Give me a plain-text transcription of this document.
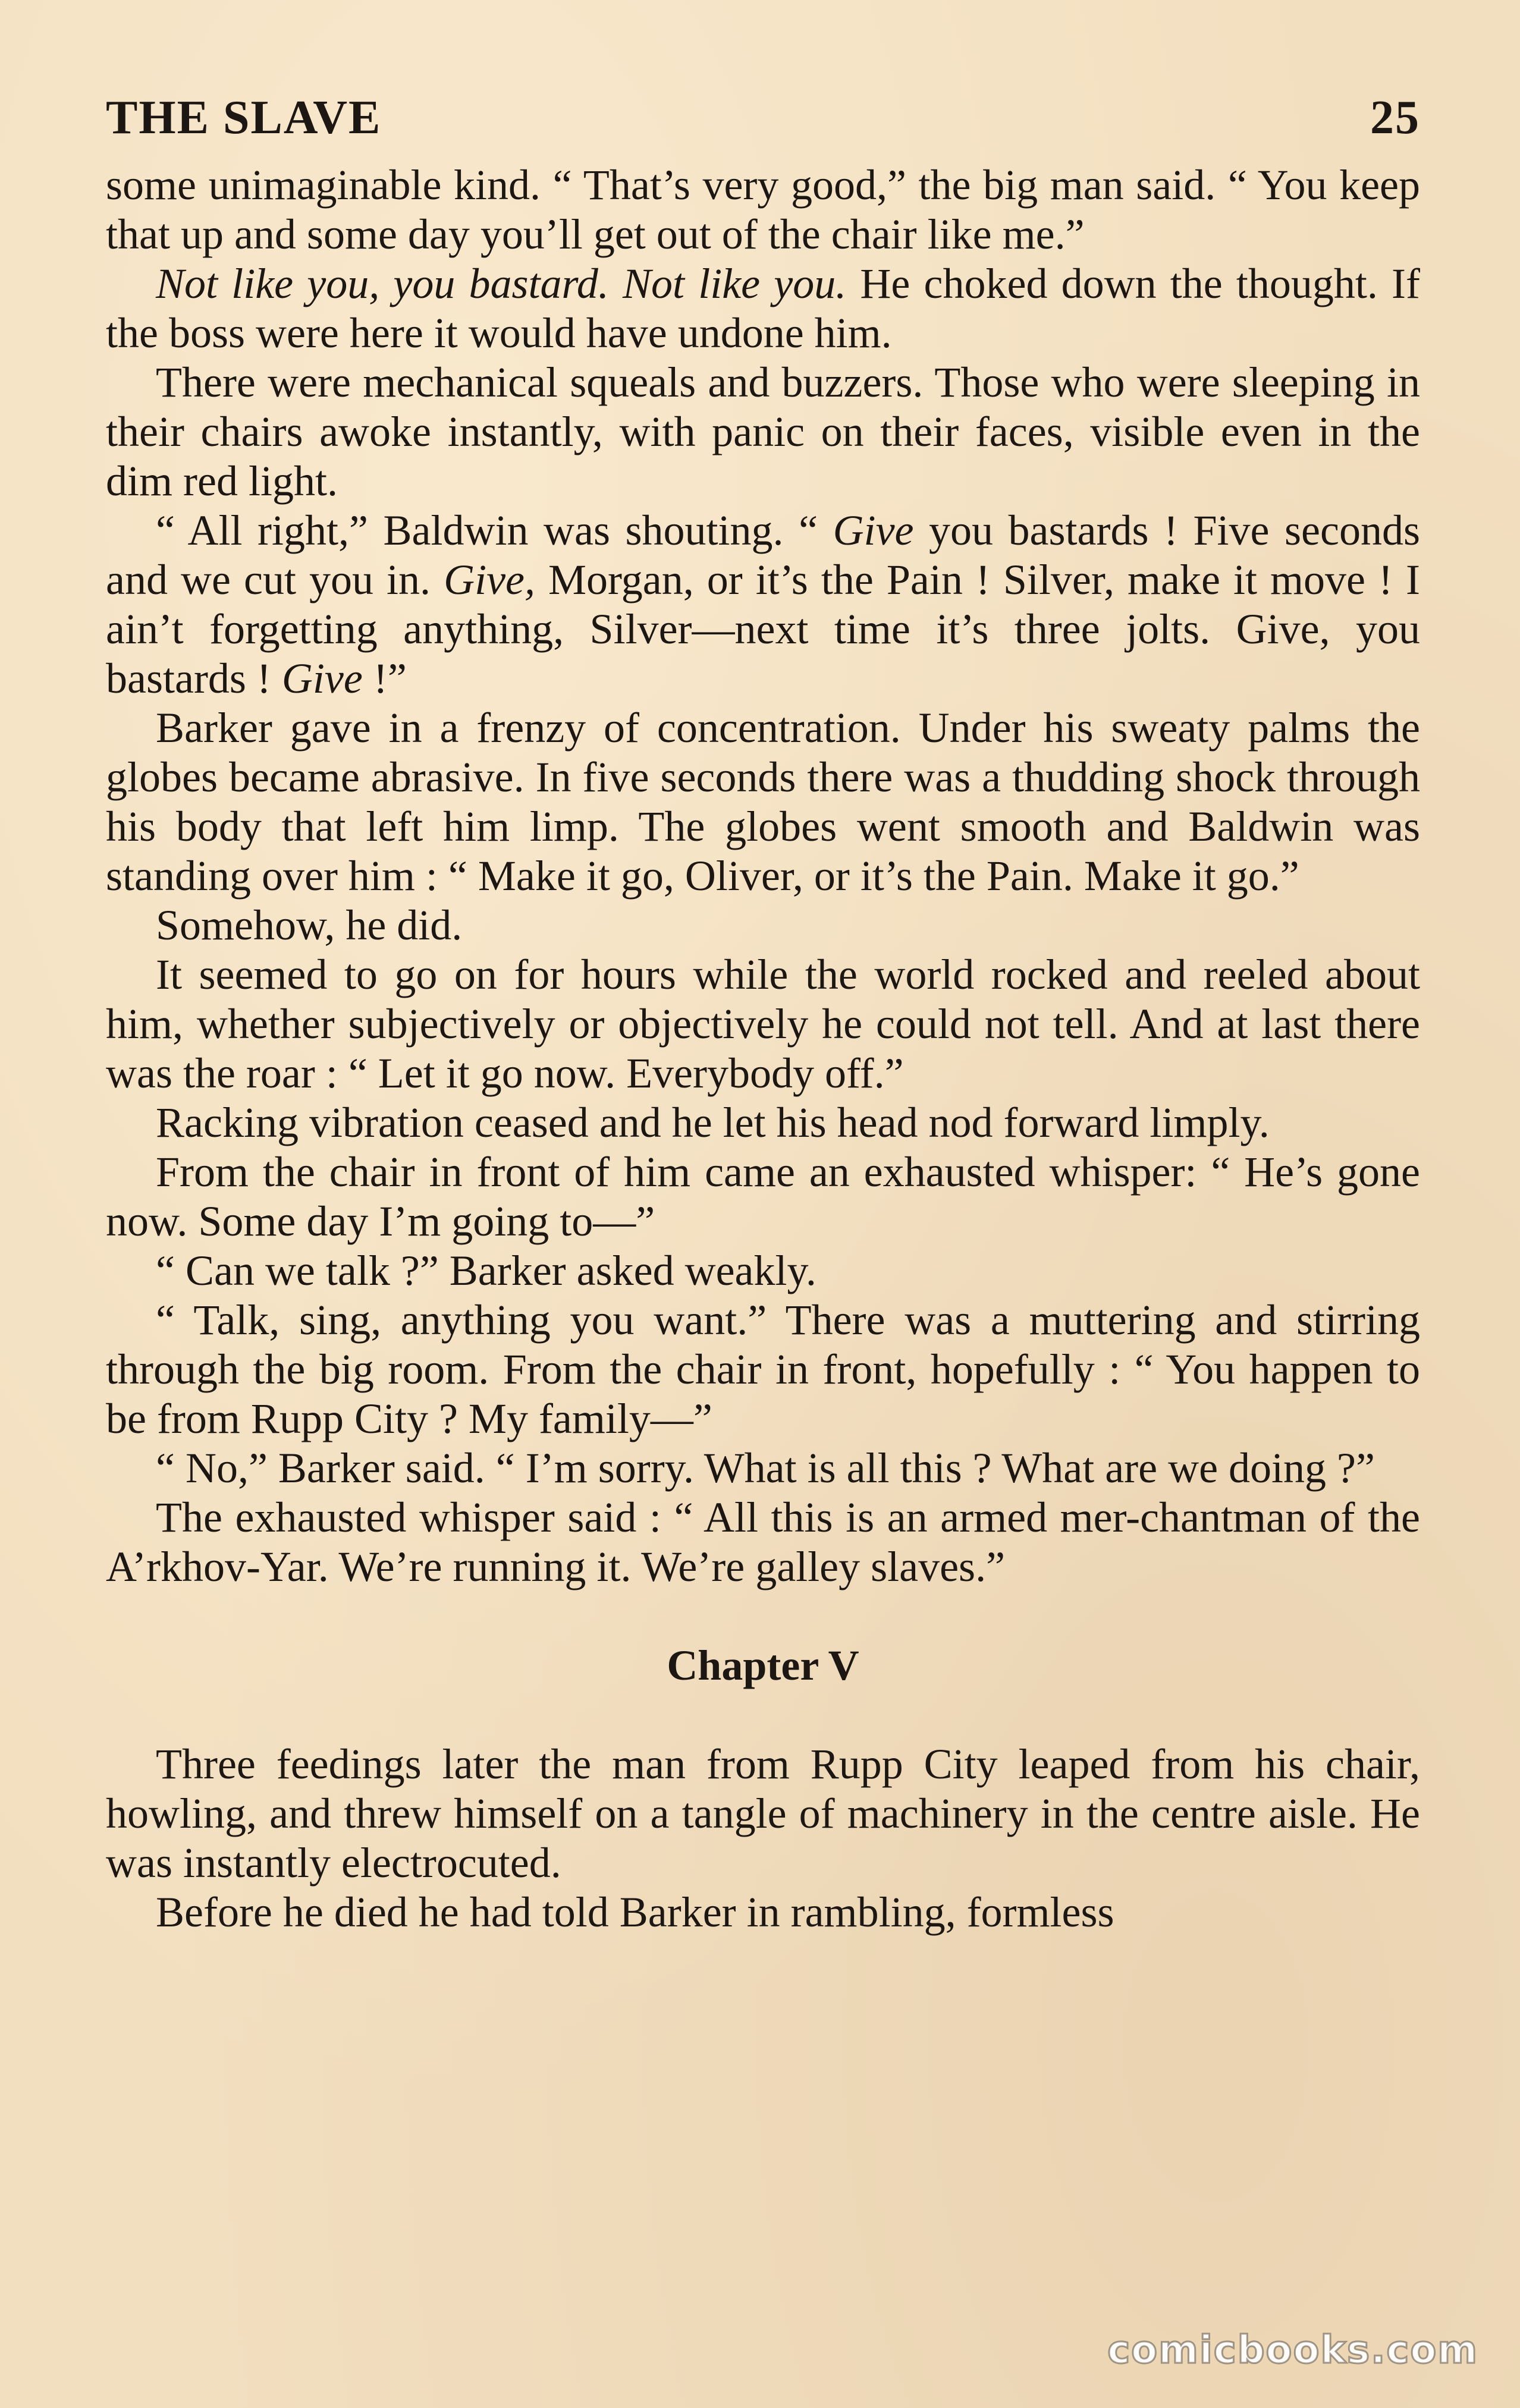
THE SLAVE	25

some unimaginable kind. “ That’s very good,” the big man said. “ You keep that up and some day you’ll get out of the chair like me.”

Not like you, you bastard. Not like you. He choked down the thought. If the boss were here it would have undone him.

There were mechanical squeals and buzzers. Those who were sleeping in their chairs awoke instantly, with panic on their faces, visible even in the dim red light.

“ All right,” Baldwin was shouting. “ Give you bastards ! Five seconds and we cut you in. Give, Morgan, or it’s the Pain ! Silver, make it move ! I ain’t forgetting anything, Silver—next time it’s three jolts. Give, you bastards ! Give !”

Barker gave in a frenzy of concentration. Under his sweaty palms the globes became abrasive. In five seconds there was a thudding shock through his body that left him limp. The globes went smooth and Baldwin was standing over him : “ Make it go, Oliver, or it’s the Pain. Make it go.”

Somehow, he did.

It seemed to go on for hours while the world rocked and reeled about him, whether subjectively or objectively he could not tell. And at last there was the roar : “ Let it go now. Everybody off.”

Racking vibration ceased and he let his head nod forward limply.

From the chair in front of him came an exhausted whisper: “ He’s gone now. Some day I’m going to—”

“ Can we talk ?” Barker asked weakly.

“ Talk, sing, anything you want.” There was a muttering and stirring through the big room. From the chair in front, hopefully : “ You happen to be from Rupp City ? My family—”

“ No,” Barker said. “ I’m sorry. What is all this ? What are we doing ?”

The exhausted whisper said : “ All this is an armed mer-chantman of the A’rkhov-Yar. We’re running it. We’re galley slaves.”

Chapter V

Three feedings later the man from Rupp City leaped from his chair, howling, and threw himself on a tangle of machinery in the centre aisle. He was instantly electrocuted.

Before he died he had told Barker in rambling, formless

comicbooks.com
